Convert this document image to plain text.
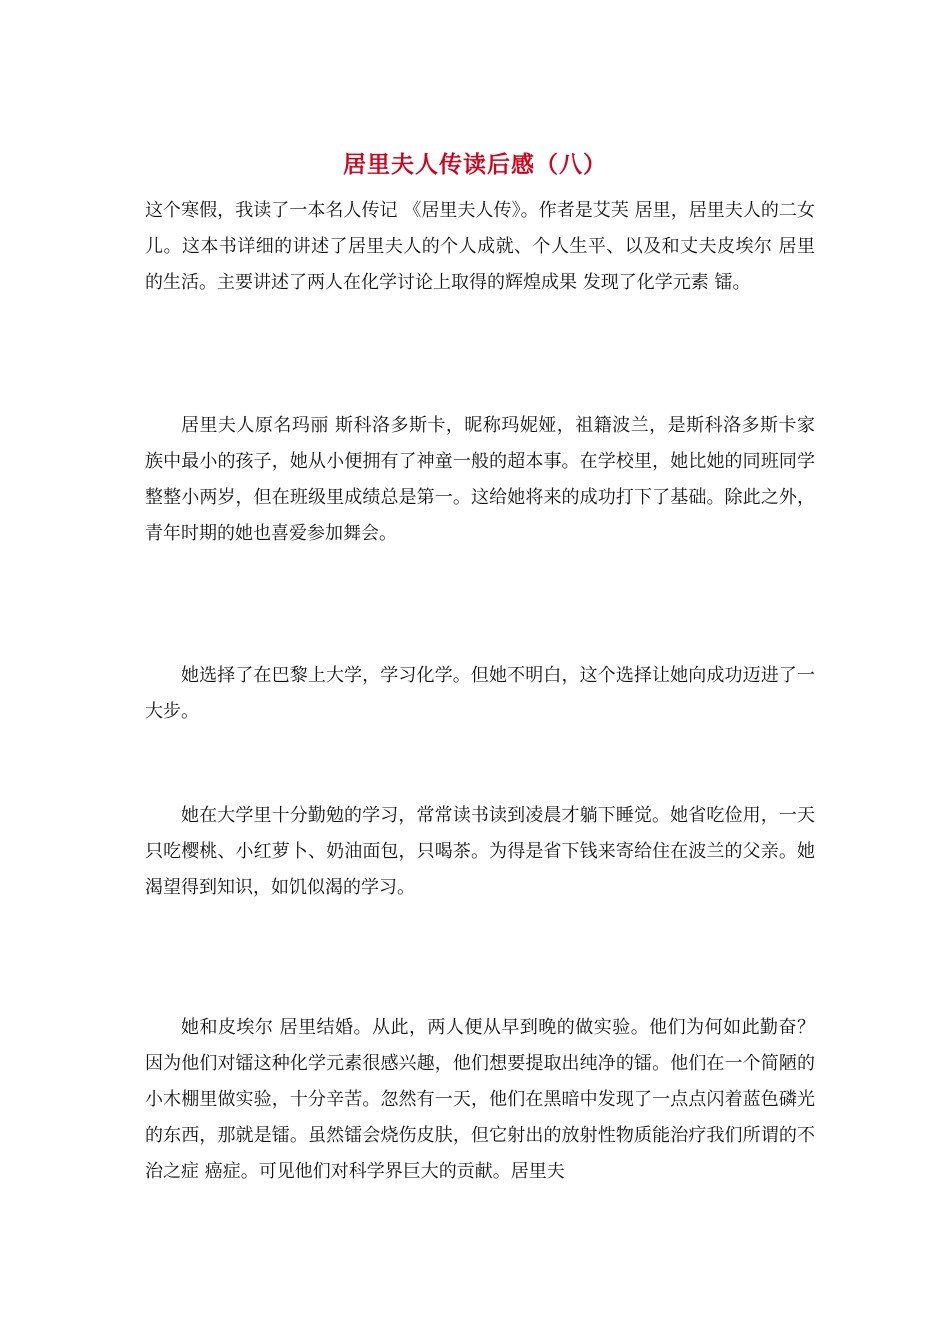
居里夫人传读后感（八）

这个寒假，我读了一本名人传记 《居里夫人传》。作者是艾芙 居里，居里夫人的二女儿。这本书详细的讲述了居里夫人的个人成就、个人生平、以及和丈夫皮埃尔 居里的生活。主要讲述了两人在化学讨论上取得的辉煌成果 发现了化学元素 镭。

居里夫人原名玛丽 斯科洛多斯卡，昵称玛妮娅，祖籍波兰，是斯科洛多斯卡家族中最小的孩子，她从小便拥有了神童一般的超本事。在学校里，她比她的同班同学整整小两岁，但在班级里成绩总是第一。这给她将来的成功打下了基础。除此之外，青年时期的她也喜爱参加舞会。

她选择了在巴黎上大学，学习化学。但她不明白，这个选择让她向成功迈进了一大步。

她在大学里十分勤勉的学习，常常读书读到凌晨才躺下睡觉。她省吃俭用，一天只吃樱桃、小红萝卜、奶油面包，只喝茶。为得是省下钱来寄给住在波兰的父亲。她渴望得到知识，如饥似渴的学习。

她和皮埃尔 居里结婚。从此，两人便从早到晚的做实验。他们为何如此勤奋？因为他们对镭这种化学元素很感兴趣，他们想要提取出纯净的镭。他们在一个简陋的小木棚里做实验，十分辛苦。忽然有一天，他们在黑暗中发现了一点点闪着蓝色磷光的东西，那就是镭。虽然镭会烧伤皮肤，但它射出的放射性物质能治疗我们所谓的不治之症 癌症。可见他们对科学界巨大的贡献。居里夫
